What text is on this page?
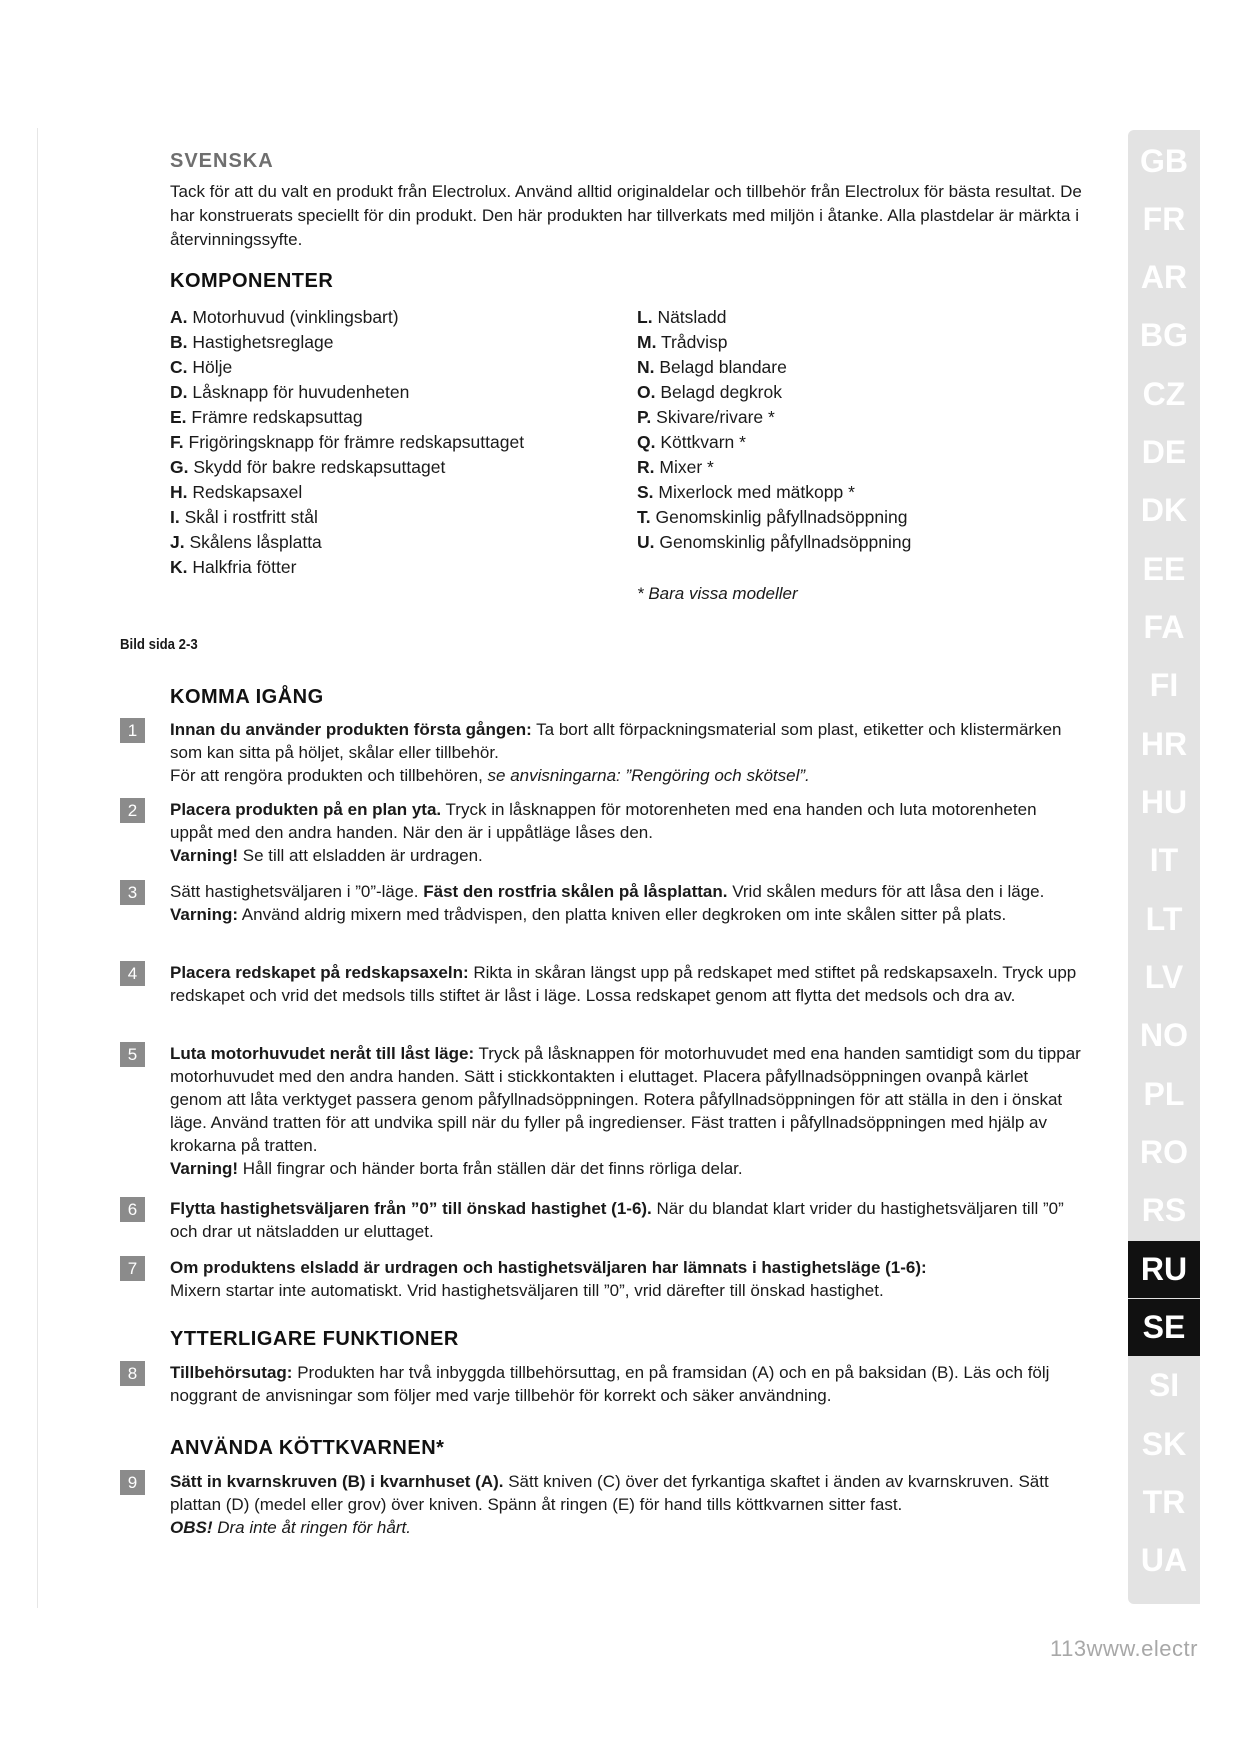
SVENSKA
Tack för att du valt en produkt från Electrolux. Använd alltid originaldelar och tillbehör från Electrolux för bästa resultat. De har konstruerats speciellt för din produkt. Den här produkten har tillverkats med miljön i åtanke. Alla plastdelar är märkta i återvinningssyfte.
KOMPONENTER
A. Motorhuvud (vinklingsbart)
B. Hastighetsreglage
C. Hölje
D. Låsknapp för huvudenheten
E. Främre redskapsuttag
F. Frigöringsknapp för främre redskapsuttaget
G. Skydd för bakre redskapsuttaget
H. Redskapsaxel
I. Skål i rostfritt stål
J. Skålens låsplatta
K. Halkfria fötter
L. Nätsladd
M. Trådvisp
N. Belagd blandare
O. Belagd degkrok
P. Skivare/rivare *
Q. Köttkvarn *
R. Mixer *
S. Mixerlock med mätkopp *
T. Genomskinlig påfyllnadsöppning
U. Genomskinlig påfyllnadsöppning
* Bara vissa modeller
Bild sida 2-3
KOMMA IGÅNG
1	Innan du använder produkten första gången: Ta bort allt förpackningsmaterial som plast, etiketter och klistermärken som kan sitta på höljet, skålar eller tillbehör.

För att rengöra produkten och tillbehören, se anvisningarna: ”Rengöring och skötsel”.

2	Placera produkten på en plan yta. Tryck in låsknappen för motorenheten med ena handen och luta motorenheten uppåt med den andra handen. När den är i uppåtläge låses den.

Varning! Se till att elsladden är urdragen.

3	Sätt hastighetsväljaren i ”0”-läge. Fäst den rostfria skålen på låsplattan. Vrid skålen medurs för att låsa den i läge.

Varning: Använd aldrig mixern med trådvispen, den platta kniven eller degkroken om inte skålen sitter på plats.

4	Placera redskapet på redskapsaxeln: Rikta in skåran längst upp på redskapet med stiftet på redskapsaxeln. Tryck upp redskapet och vrid det medsols tills stiftet är låst i läge. Lossa redskapet genom att flytta det medsols och dra av.

5	Luta motorhuvudet neråt till låst läge: Tryck på låsknappen för motorhuvudet med ena handen samtidigt som du tippar motorhuvudet med den andra handen. Sätt i stickkontakten i eluttaget. Placera påfyllnadsöppningen ovanpå kärlet genom att låta verktyget passera genom påfyllnadsöppningen. Rotera påfyllnadsöppningen för att ställa in den i önskat läge. Använd tratten för att undvika spill när du fyller på ingredienser. Fäst tratten i påfyllnadsöppningen med hjälp av krokarna på tratten.

Varning! Håll fingrar och händer borta från ställen där det finns rörliga delar.

6	Flytta hastighetsväljaren från ”0” till önskad hastighet (1-6). När du blandat klart vrider du hastighetsväljaren till ”0” och drar ut nätsladden ur eluttaget.

7	Om produktens elsladd är urdragen och hastighetsväljaren har lämnats i hastighetsläge (1-6):

Mixern startar inte automatiskt. Vrid hastighetsväljaren till ”0”, vrid därefter till önskad hastighet.

YTTERLIGARE FUNKTIONER
8	Tillbehörsutag: Produkten har två inbyggda tillbehörsuttag, en på framsidan (A) och en på baksidan (B). Läs och följ noggrant de anvisningar som följer med varje tillbehör för korrekt och säker användning.

ANVÄNDA KÖTTKVARNEN*
9	Sätt in kvarnskruven (B) i kvarnhuset (A). Sätt kniven (C) över det fyrkantiga skaftet i änden av kvarnskruven. Sätt plattan (D) (medel eller grov) över kniven. Spänn åt ringen (E) för hand tills köttkvarnen sitter fast.

OBS! Dra inte åt ringen för hårt.

GB
FR
AR
BG
CZ
DE
DK
EE
FA
FI
HR
HU
IT
LT
LV
NO
PL
RO
RS
RU
SE
SI
SK
TR
UA
113www.electr
